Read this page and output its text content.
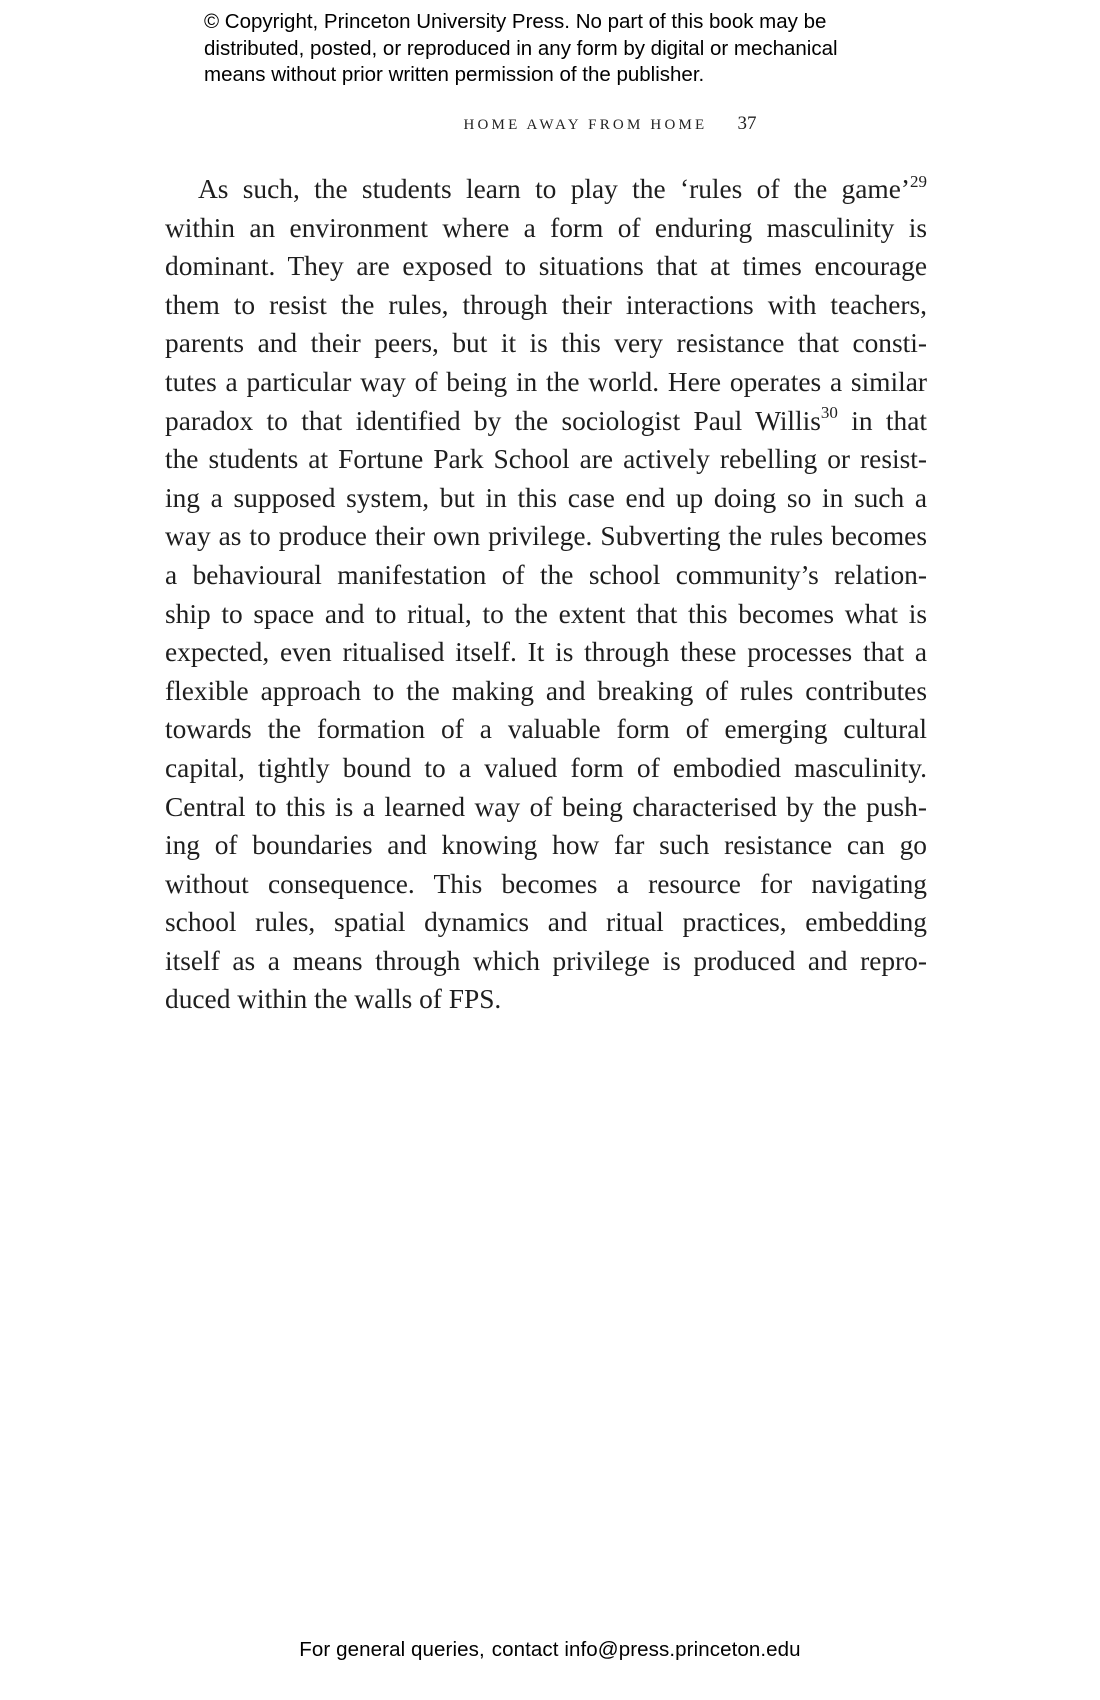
© Copyright, Princeton University Press. No part of this book may be
distributed, posted, or reproduced in any form by digital or mechanical
means without prior written permission of the publisher.
HOME AWAY FROM HOME 37
As such, the students learn to play the ‘rules of the game’$^{29}$
within an environment where a form of enduring masculinity is
dominant. They are exposed to situations that at times encourage
them to resist the rules, through their interactions with teachers,
parents and their peers, but it is this very resistance that consti-
tutes a particular way of being in the world. Here operates a similar
paradox to that identified by the sociologist Paul Willis$^{30}$ in that
the students at Fortune Park School are actively rebelling or resist-
ing a supposed system, but in this case end up doing so in such a
way as to produce their own privilege. Subverting the rules becomes
a behavioural manifestation of the school community’s relation-
ship to space and to ritual, to the extent that this becomes what is
expected, even ritualised itself. It is through these processes that a
flexible approach to the making and breaking of rules contributes
towards the formation of a valuable form of emerging cultural
capital, tightly bound to a valued form of embodied masculinity.
Central to this is a learned way of being characterised by the push-
ing of boundaries and knowing how far such resistance can go
without consequence. This becomes a resource for navigating
school rules, spatial dynamics and ritual practices, embedding
itself as a means through which privilege is produced and repro-
duced within the walls of FPS.
For general queries, contact info@press.princeton.edu
